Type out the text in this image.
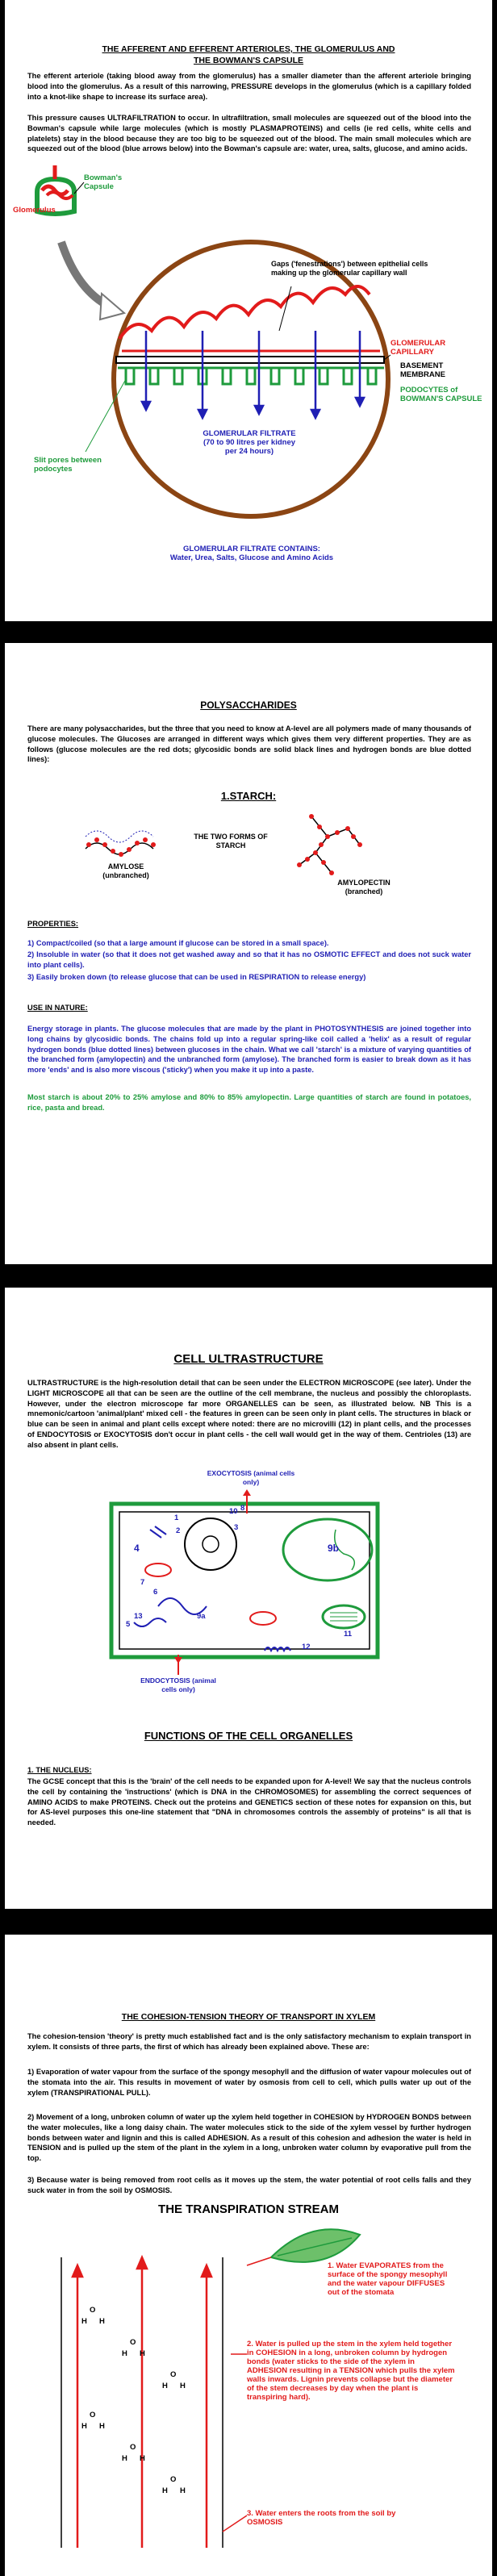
THE AFFERENT AND EFFERENT ARTERIOLES, THE GLOMERULUS AND
THE BOWMAN'S CAPSULE

The efferent arteriole (taking blood away from the glomerulus) has a smaller diameter than the afferent arteriole bringing blood into the glomerulus. As a result of this narrowing, PRESSURE develops in the glomerulus (which is a capillary folded into a knot-like shape to increase its surface area).

This pressure causes ULTRAFILTRATION to occur. In ultrafiltration, small molecules are squeezed out of the blood into the Bowman's capsule while large molecules (which is mostly PLASMAPROTEINS) and cells (ie red cells, white cells and platelets) stay in the blood because they are too big to be squeezed out of the blood. The main small molecules which are squeezed out of the blood (blue arrows below) into the Bowman's capsule are: water, urea, salts, glucose, and amino acids.

Glomerulus
Bowman's Capsule
Gaps ('fenestrations') between epithelial cells making up the glomerular capillary wall
GLOMERULAR CAPILLARY
BASEMENT MEMBRANE
PODOCYTES of BOWMAN'S CAPSULE
Slit pores between podocytes
GLOMERULAR FILTRATE (70 to 90 litres per kidney per 24 hours)
GLOMERULAR FILTRATE CONTAINS:
Water, Urea, Salts, Glucose and Amino Acids
POLYSACCHARIDES

There are many polysaccharides, but the three that you need to know at A-level are all polymers made of many thousands of glucose molecules. The Glucoses are arranged in different ways which gives them very different properties. They are as follows (glucose molecules are the red dots; glycosidic bonds are solid black lines and hydrogen bonds are blue dotted lines):

1.STARCH:
THE TWO FORMS OF STARCH
AMYLOSE (unbranched)
AMYLOPECTIN (branched)
PROPERTIES:

1) Compact/coiled (so that a large amount if glucose can be stored in a small space).

2) Insoluble in water (so that it does not get washed away and so that it has no OSMOTIC EFFECT and does not suck water into plant cells).

3) Easily broken down (to release glucose that can be used in RESPIRATION to release energy)

USE IN NATURE:

Energy storage in plants. The glucose molecules that are made by the plant in PHOTOSYNTHESIS are joined together into long chains by glycosidic bonds. The chains fold up into a regular spring-like coil called a 'helix' as a result of regular hydrogen bonds (blue dotted lines) between glucoses in the chain. What we call 'starch' is a mixture of varying quantities of the branched form (amylopectin) and the unbranched form (amylose). The branched form is easier to break down as it has more 'ends' and is also more viscous ('sticky') when you make it up into a paste.

Most starch is about 20% to 25% amylose and 80% to 85% amylopectin. Large quantities of starch are found in potatoes, rice, pasta and bread.

CELL ULTRASTRUCTURE

ULTRASTRUCTURE is the high-resolution detail that can be seen under the ELECTRON MICROSCOPE (see later). Under the LIGHT MICROSCOPE all that can be seen are the outline of the cell membrane, the nucleus and possibly the chloroplasts. However, under the electron microscope far more ORGANELLES can be seen, as illustrated below. NB This is a mnemonic/cartoon 'animal/plant' mixed cell - the features in green can be seen only in plant cells. The structures in black or blue can be seen in animal and plant cells except where noted: there are no microvilli (12) in plant cells, and the processes of ENDOCYTOSIS or EXOCYTOSIS don't occur in plant cells - the cell wall would get in the way of them. Centrioles (13) are also absent in plant cells.

EXOCYTOSIS (animal cells only)
ENDOCYTOSIS (animal cells only)
1
2	3
4
5
6
7
8
9a
9b
10
11
12
13
FUNCTIONS OF THE CELL ORGANELLES
1. THE NUCLEUS:

The GCSE concept that this is the 'brain' of the cell needs to be expanded upon for A-level! We say that the nucleus controls the cell by containing the 'instructions' (which is DNA in the CHROMOSOMES) for assembling the correct sequences of AMINO ACIDS to make PROTEINS. Check out the proteins and GENETICS section of these notes for expansion on this, but for AS-level purposes this one-line statement that "DNA in chromosomes controls the assembly of proteins" is all that is needed.

THE COHESION-TENSION THEORY OF TRANSPORT IN XYLEM

The cohesion-tension 'theory' is pretty much established fact and is the only satisfactory mechanism to explain transport in xylem. It consists of three parts, the first of which has already been explained above. These are:

1) Evaporation of water vapour from the surface of the spongy mesophyll and the diffusion of water vapour molecules out of the stomata into the air. This results in movement of water by osmosis from cell to cell, which pulls water up out of the xylem (TRANSPIRATIONAL PULL).

2) Movement of a long, unbroken column of water up the xylem held together in COHESION by HYDROGEN BONDS between the water molecules, like a long daisy chain. The water molecules stick to the side of the xylem vessel by further hydrogen bonds between water and lignin and this is called ADHESION. As a result of this cohesion and adhesion the water is held in TENSION and is pulled up the stem of the plant in the xylem in a long, unbroken water column by evaporative pull from the top.

3) Because water is being removed from root cells as it moves up the stem, the water potential of root cells falls and they suck water in from the soil by OSMOSIS.

THE TRANSPIRATION STREAM
O
H H
O
H H
O
H H
O
H H
O
H H
O
H H
1. Water EVAPORATES from the surface of the spongy mesophyll and the water vapour DIFFUSES out of the stomata
2. Water is pulled up the stem in the xylem held together in COHESION in a long, unbroken column by hydrogen bonds (water sticks to the side of the xylem in ADHESION resulting in a TENSION which pulls the xylem walls inwards. Lignin prevents collapse but the diameter of the stem decreases by day when the plant is transpiring hard).
3. Water enters the roots from the soil by OSMOSIS
